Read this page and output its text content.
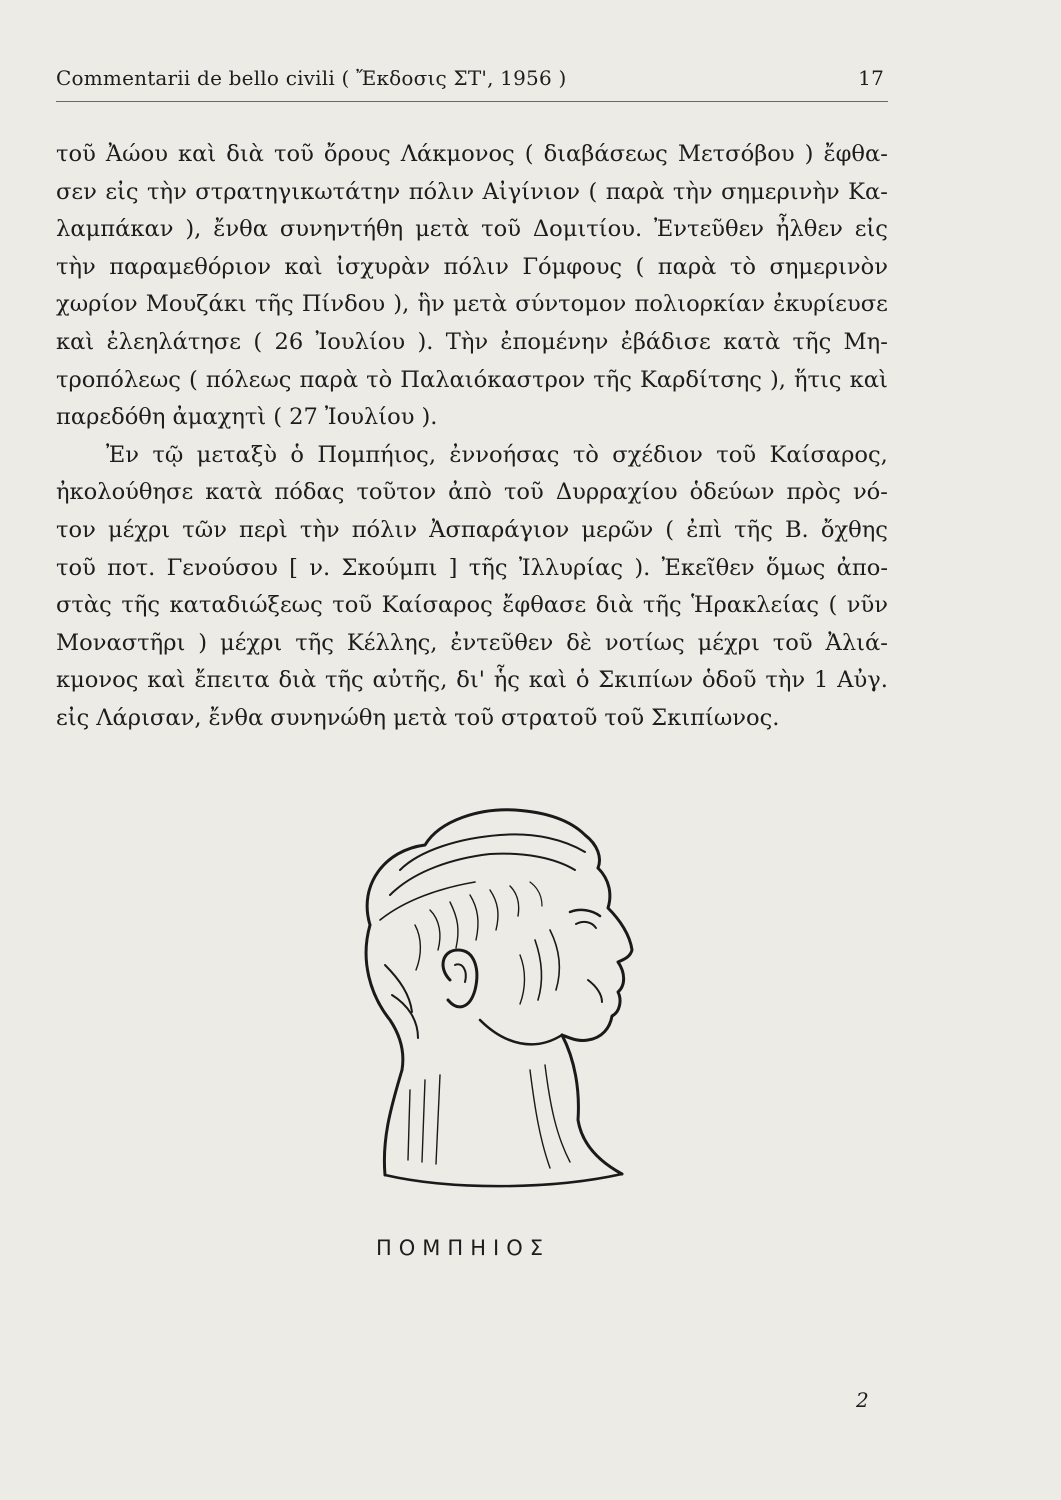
Commentarii de bello civili ( Ἔκδοσις ΣΤ', 1956 )	17
τοῦ Ἀώου καὶ διὰ τοῦ ὄρους Λάκμονος ( διαβάσεως Μετσόβου ) ἔφθα-
σεν εἰς τὴν στρατηγικωτάτην πόλιν Αἰγίνιον ( παρὰ τὴν σημερινὴν Κα-
λαμπάκαν ), ἔνθα συνηντήθη μετὰ τοῦ Δομιτίου. Ἐντεῦθεν ἦλθεν εἰς
τὴν παραμεθόριον καὶ ἰσχυρὰν πόλιν Γόμφους ( παρὰ τὸ σημερινὸν
χωρίον Μουζάκι τῆς Πίνδου ), ἣν μετὰ σύντομον πολιορκίαν ἐκυρίευσε
καὶ ἐλεηλάτησε ( 26 Ἰουλίου ). Τὴν ἐπομένην ἐβάδισε κατὰ τῆς Μη-
τροπόλεως ( πόλεως παρὰ τὸ Παλαιόκαστρον τῆς Καρδίτσης ), ἥτις καὶ
παρεδόθη ἀμαχητὶ ( 27 Ἰουλίου ).
Ἐν τῷ μεταξὺ ὁ Πομπήιος, ἐννοήσας τὸ σχέδιον τοῦ Καίσαρος,
ἠκολούθησε κατὰ πόδας τοῦτον ἀπὸ τοῦ Δυρραχίου ὁδεύων πρὸς νό-
τον μέχρι τῶν περὶ τὴν πόλιν Ἀσπαράγιον μερῶν ( ἐπὶ τῆς Β. ὄχθης
τοῦ ποτ. Γενούσου [ ν. Σκούμπι ] τῆς Ἰλλυρίας ). Ἐκεῖθεν ὅμως ἀπο-
στὰς τῆς καταδιώξεως τοῦ Καίσαρος ἔφθασε διὰ τῆς Ἡρακλείας ( νῦν
Μοναστῆρι ) μέχρι τῆς Κέλλης, ἐντεῦθεν δὲ νοτίως μέχρι τοῦ Ἀλιά-
κμονος καὶ ἔπειτα διὰ τῆς αὐτῆς, δι' ἧς καὶ ὁ Σκιπίων ὁδοῦ τὴν 1 Αὐγ.
εἰς Λάρισαν, ἔνθα συνηνώθη μετὰ τοῦ στρατοῦ τοῦ Σκιπίωνος.
ΠΟΜΠΗΙΟΣ
2
